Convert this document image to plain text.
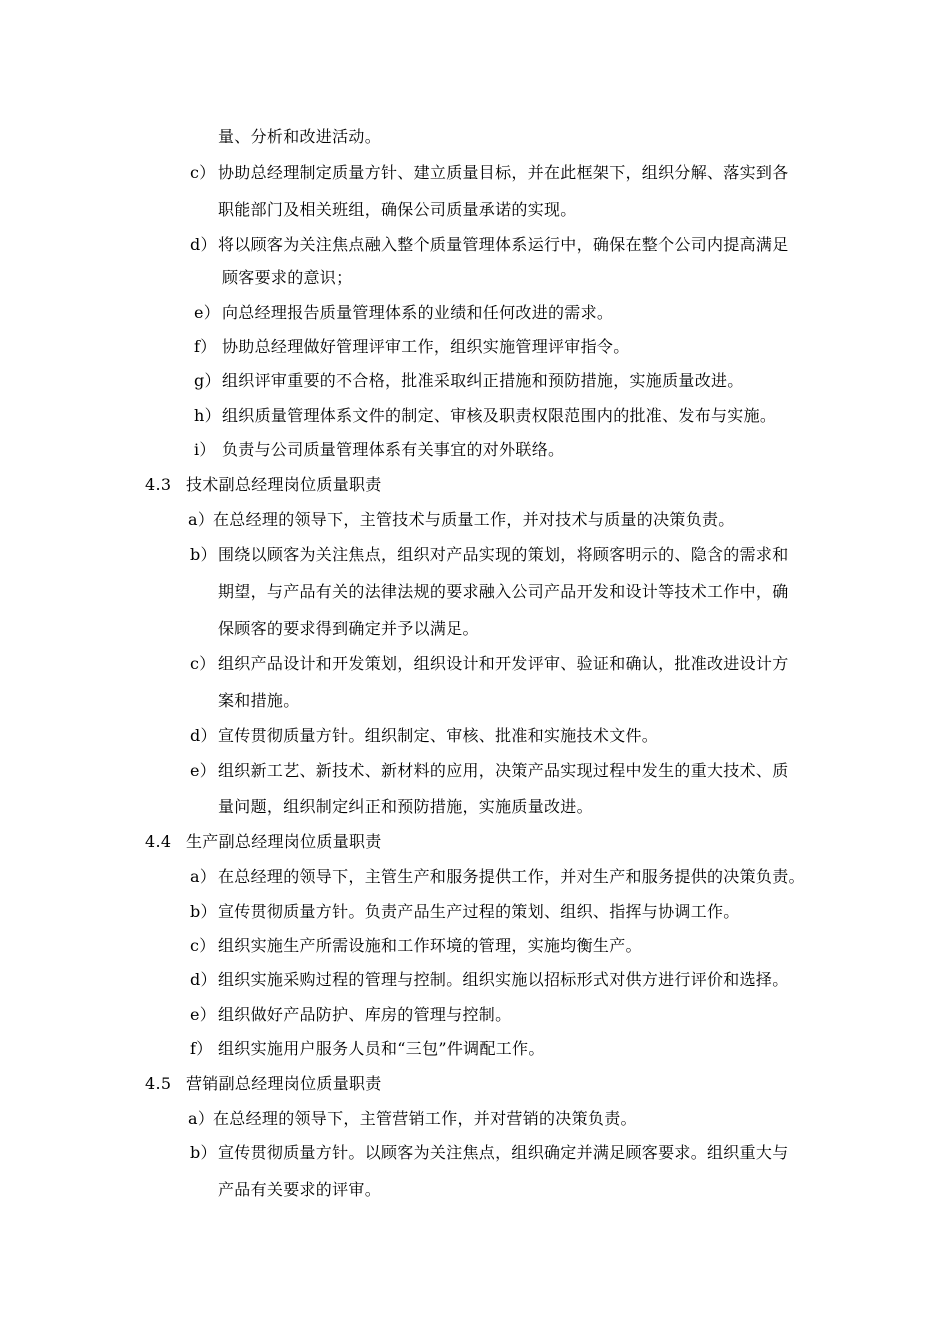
量、分析和改进活动。
c） 协助总经理制定质量方针、建立质量目标，并在此框架下，组织分解、落实到各
职能部门及相关班组，确保公司质量承诺的实现。
d）将以顾客为关注焦点融入整个质量管理体系运行中，确保在整个公司内提高满足
顾客要求的意识；
e） 向总经理报告质量管理体系的业绩和任何改进的需求。
f） 协助总经理做好管理评审工作，组织实施管理评审指令。
g）组织评审重要的不合格，批准采取纠正措施和预防措施，实施质量改进。
h）组织质量管理体系文件的制定、审核及职责权限范围内的批准、发布与实施。
i） 负责与公司质量管理体系有关事宜的对外联络。
4.3 技术副总经理岗位质量职责
a）在总经理的领导下，主管技术与质量工作，并对技术与质量的决策负责。
b）围绕以顾客为关注焦点，组织对产品实现的策划，将顾客明示的、隐含的需求和
期望，与产品有关的法律法规的要求融入公司产品开发和设计等技术工作中，确
保顾客的要求得到确定并予以满足。
c） 组织产品设计和开发策划，组织设计和开发评审、验证和确认，批准改进设计方
案和措施。
d）宣传贯彻质量方针。组织制定、审核、批准和实施技术文件。
e） 组织新工艺、新技术、新材料的应用，决策产品实现过程中发生的重大技术、质
量问题，组织制定纠正和预防措施，实施质量改进。
4.4 生产副总经理岗位质量职责
a） 在总经理的领导下，主管生产和服务提供工作，并对生产和服务提供的决策负责。
b）宣传贯彻质量方针。负责产品生产过程的策划、组织、指挥与协调工作。
c） 组织实施生产所需设施和工作环境的管理，实施均衡生产。
d）组织实施采购过程的管理与控制。组织实施以招标形式对供方进行评价和选择。
e） 组织做好产品防护、库房的管理与控制。
f） 组织实施用户服务人员和“三包”件调配工作。
4.5 营销副总经理岗位质量职责
a）在总经理的领导下，主管营销工作，并对营销的决策负责。
b）宣传贯彻质量方针。以顾客为关注焦点，组织确定并满足顾客要求。组织重大与
产品有关要求的评审。
